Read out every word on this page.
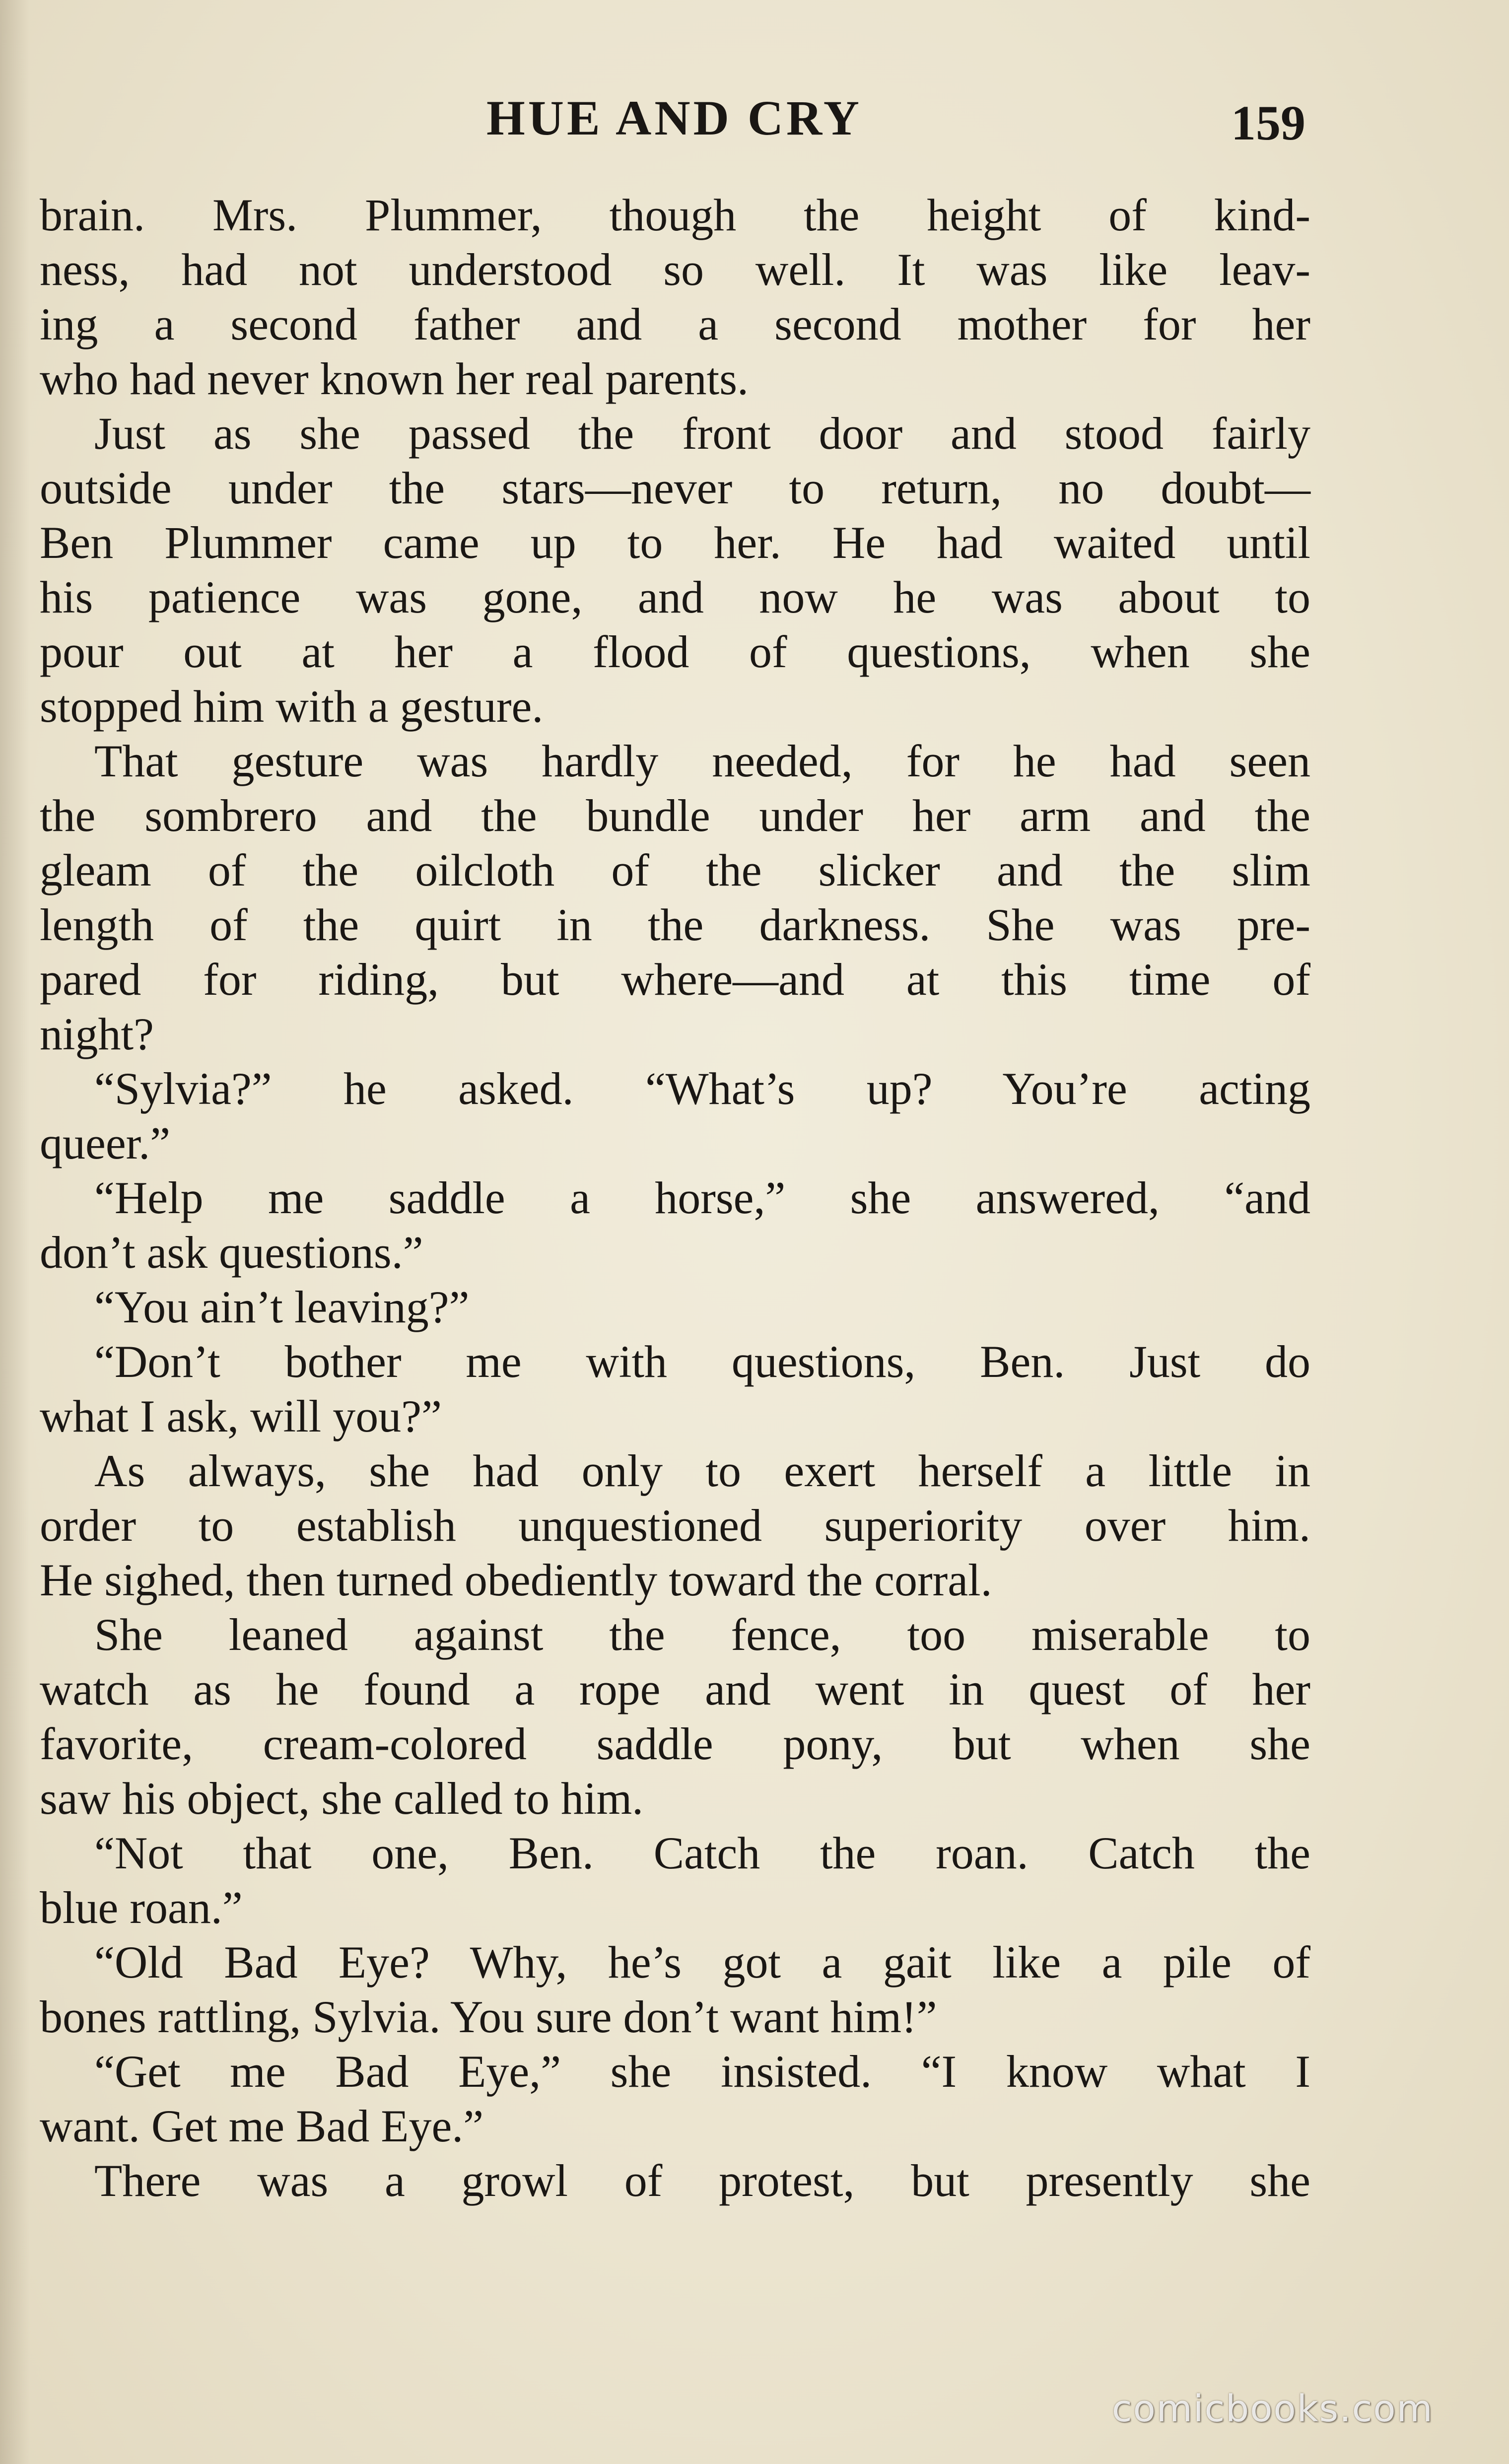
HUE AND CRY	159
brain. Mrs. Plummer, though the height of kind-
ness, had not understood so well. It was like leav-
ing a second father and a second mother for her
who had never known her real parents.
Just as she passed the front door and stood fairly
outside under the stars—never to return, no doubt—
Ben Plummer came up to her. He had waited until
his patience was gone, and now he was about to
pour out at her a flood of questions, when she
stopped him with a gesture.
That gesture was hardly needed, for he had seen
the sombrero and the bundle under her arm and the
gleam of the oilcloth of the slicker and the slim
length of the quirt in the darkness. She was pre-
pared for riding, but where—and at this time of
night?
“Sylvia?” he asked. “What’s up? You’re acting
queer.”
“Help me saddle a horse,” she answered, “and
don’t ask questions.”
“You ain’t leaving?”
“Don’t bother me with questions, Ben. Just do
what I ask, will you?”
As always, she had only to exert herself a little in
order to establish unquestioned superiority over him.
He sighed, then turned obediently toward the corral.
She leaned against the fence, too miserable to
watch as he found a rope and went in quest of her
favorite, cream-colored saddle pony, but when she
saw his object, she called to him.
“Not that one, Ben. Catch the roan. Catch the
blue roan.”
“Old Bad Eye? Why, he’s got a gait like a pile of
bones rattling, Sylvia. You sure don’t want him!”
“Get me Bad Eye,” she insisted. “I know what I
want. Get me Bad Eye.”
There was a growl of protest, but presently she
comicbooks.com
